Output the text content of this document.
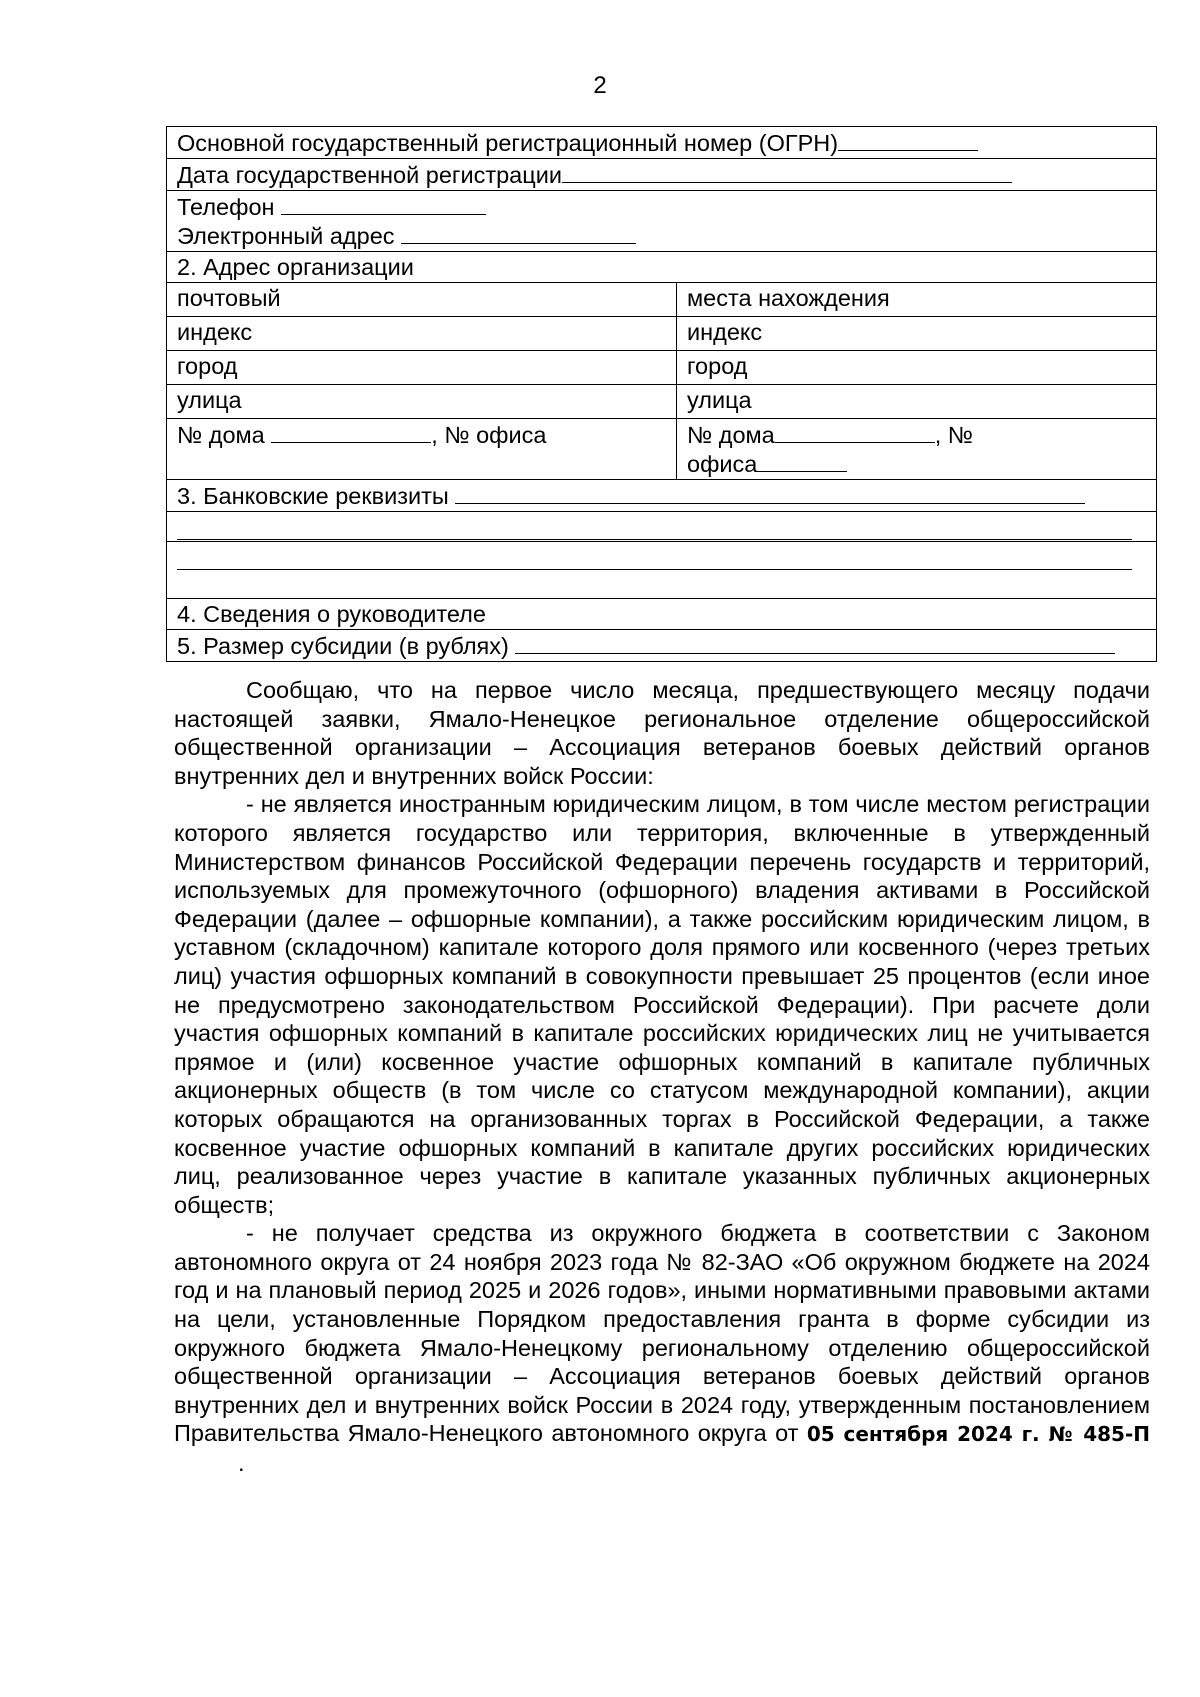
2
Основной государственный регистрационный номер (ОГРН)	
Дата государственной регистрации	

Телефон
Электронный адрес	

2. Адрес организации	
почтовый	места нахождения
индекс	индекс
город	город
улица	улица
№ дома , № офиса	№ дома , №
офиса

3. Банковские реквизиты	

4. Сведения о руководителе	
5. Размер субсидии (в рублях)	

Сообщаю, что на первое число месяца, предшествующего месяцу подачи настоящей заявки, Ямало-Ненецкое региональное отделение общероссийской общественной организации – Ассоциация ветеранов боевых действий органов внутренних дел и внутренних войск России:

- не является иностранным юридическим лицом, в том числе местом регистрации которого является государство или территория, включенные в утвержденный Министерством финансов Российской Федерации перечень государств и территорий, используемых для промежуточного (офшорного) владения активами в Российской Федерации (далее – офшорные компании), а также российским юридическим лицом, в уставном (складочном) капитале которого доля прямого или косвенного (через третьих лиц) участия офшорных компаний в совокупности превышает 25 процентов (если иное не предусмотрено законодательством Российской Федерации). При расчете доли участия офшорных компаний в капитале российских юридических лиц не учитывается прямое и (или) косвенное участие офшорных компаний в капитале публичных акционерных обществ (в том числе со статусом международной компании), акции которых обращаются на организованных торгах в Российской Федерации, а также косвенное участие офшорных компаний в капитале других российских юридических лиц, реализованное через участие в капитале указанных публичных акционерных обществ;

- не получает средства из окружного бюджета в соответствии с Законом автономного округа от 24 ноября 2023 года № 82-ЗАО «Об окружном бюджете на 2024 год и на плановый период 2025 и 2026 годов», иными нормативными правовыми актами на цели, установленные Порядком предоставления гранта в форме субсидии из окружного бюджета Ямало-Ненецкому региональному отделению общероссийской общественной организации – Ассоциация ветеранов боевых действий органов внутренних дел и внутренних войск России в 2024 году, утвержденным постановлением Правительства Ямало-Ненецкого автономного округа от 05 сентября 2024 г. № 485-П.
